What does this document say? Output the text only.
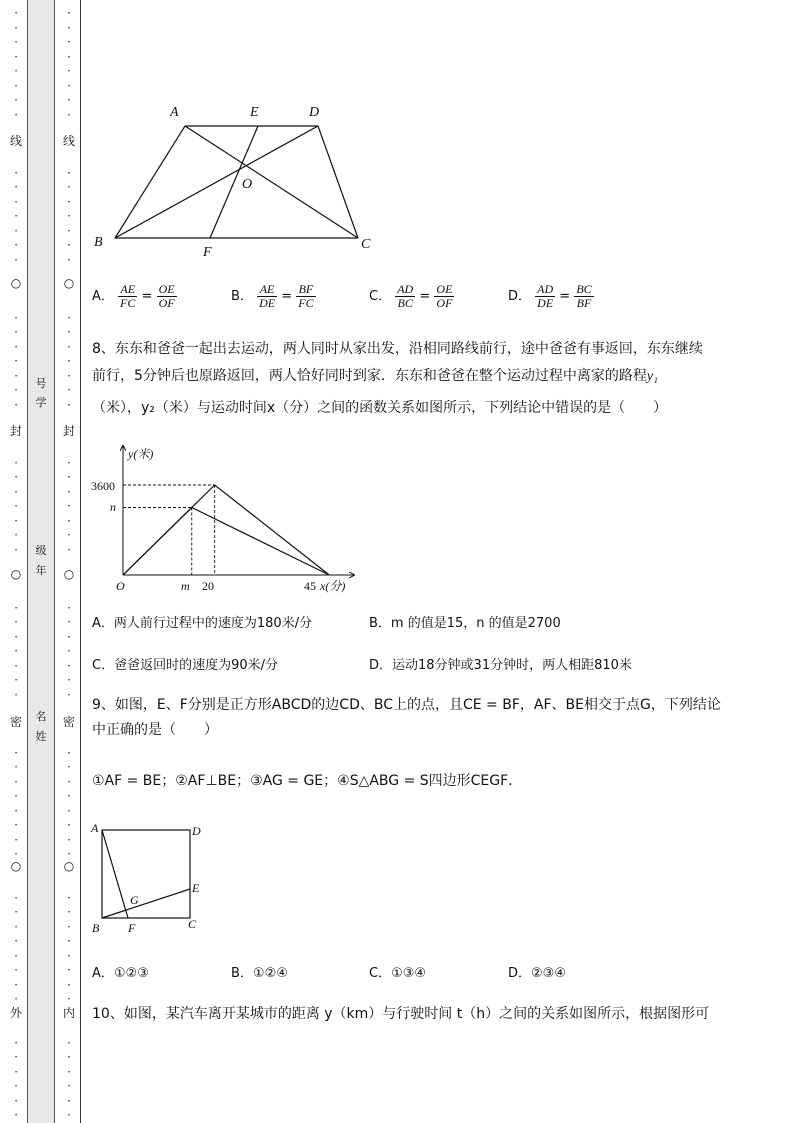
线	线
○	○
封	封
○	○
密	密
○	○
外	内
号
学
级
年
名
姓
A	E	D
O
B
F
C
A． $\frac{AE}{FC} = \frac{OE}{OF}$	B． $\frac{AE}{DE} = \frac{BF}{FC}$	C． $\frac{AD}{BC} = \frac{OE}{OF}$	D． $\frac{AD}{DE} = \frac{BC}{BF}$
8、东东和爸爸一起出去运动，两人同时从家出发，沿相同路线前行，途中爸爸有事返回，东东继续
前行，5分钟后也原路返回，两人恰好同时到家．东东和爸爸在整个运动过程中离家的路程y₁
（米），y₂（米）与运动时间x（分）之间的函数关系如图所示，下列结论中错误的是（　　）
y(米)
3600
n
O	m 20	45 x(分)
A．两人前行过程中的速度为180米/分	B．m 的值是15，n 的值是2700
C．爸爸返回时的速度为90米/分	D．运动18分钟或31分钟时，两人相距810米
9、如图，E、F分别是正方形ABCD的边CD、BC上的点，且CE = BF，AF、BE相交于点G，下列结论
中正确的是（　　）
①AF = BE；②AF⊥BE；③AG = GE；④S△ABG = S四边形CEGF．
A	D
E
G
B F	C
A．①②③	B．①②④	C．①③④	D．②③④
10、如图，某汽车离开某城市的距离 y（km）与行驶时间 t（h）之间的关系如图所示，根据图形可
·
·
·
·
·
·
·
·
·
·
·
·
·
·
·
·
·
·
·
·
·
·
·
·
·
·
·
·
·
·
·
·
·
·
·
·
·
·
·
·
·
·
·
·
·
·
·
·
·
·
·
·
·
·
·
·
·
·
·
·
·
·
·
·
·
·
·
·
·
·
·
·
·
·
·
·
·
·
·
·
·
·
·
·
·
·
·
·
·
·
·
·
·
·
·
·
·
·
·
·
·
·
·
·
·
·
·
·
·
·
·
·
·
·
·
·
